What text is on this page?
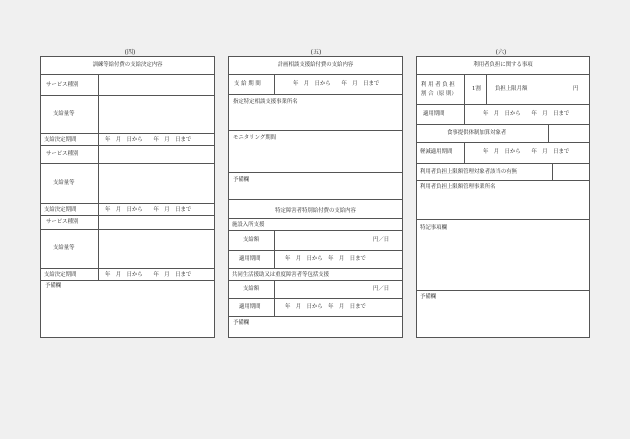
(四)
訓練等給付費の支給決定内容
サービス種別
支給量等
支給決定期間	年　月　日から　　年　月　日まで
サービス種別
支給量等
支給決定期間	年　月　日から　　年　月　日まで
サービス種別
支給量等
支給決定期間	年　月　日から　　年　月　日まで
予備欄
(五)
計画相談支援給付費の支給内容
支 給 期 間	年　月　日から　　年　月　日まで
指定特定相談支援事業所名
モニタリング期間
予備欄
特定障害者特別給付費の支給内容
施設入所支援
支給額	円／日
適用期間	年　月　日から　年　月　日まで
共同生活援助又は重度障害者等包括支援
支給額	円／日
適用期間	年　月　日から　年　月　日まで
予備欄
(六)
利用者負担に関する事項
利 用 者 負 担
割 合（原 則）
1割	負担上限月額	円
適用期間	年　月　日から　　年　月　日まで
食事提供体制加算対象者
軽減適用期間	年　月　日から　　年　月　日まで
利用者負担上限額管理対象者該当の有無
利用者負担上限額管理事業所名
特記事項欄
予備欄
